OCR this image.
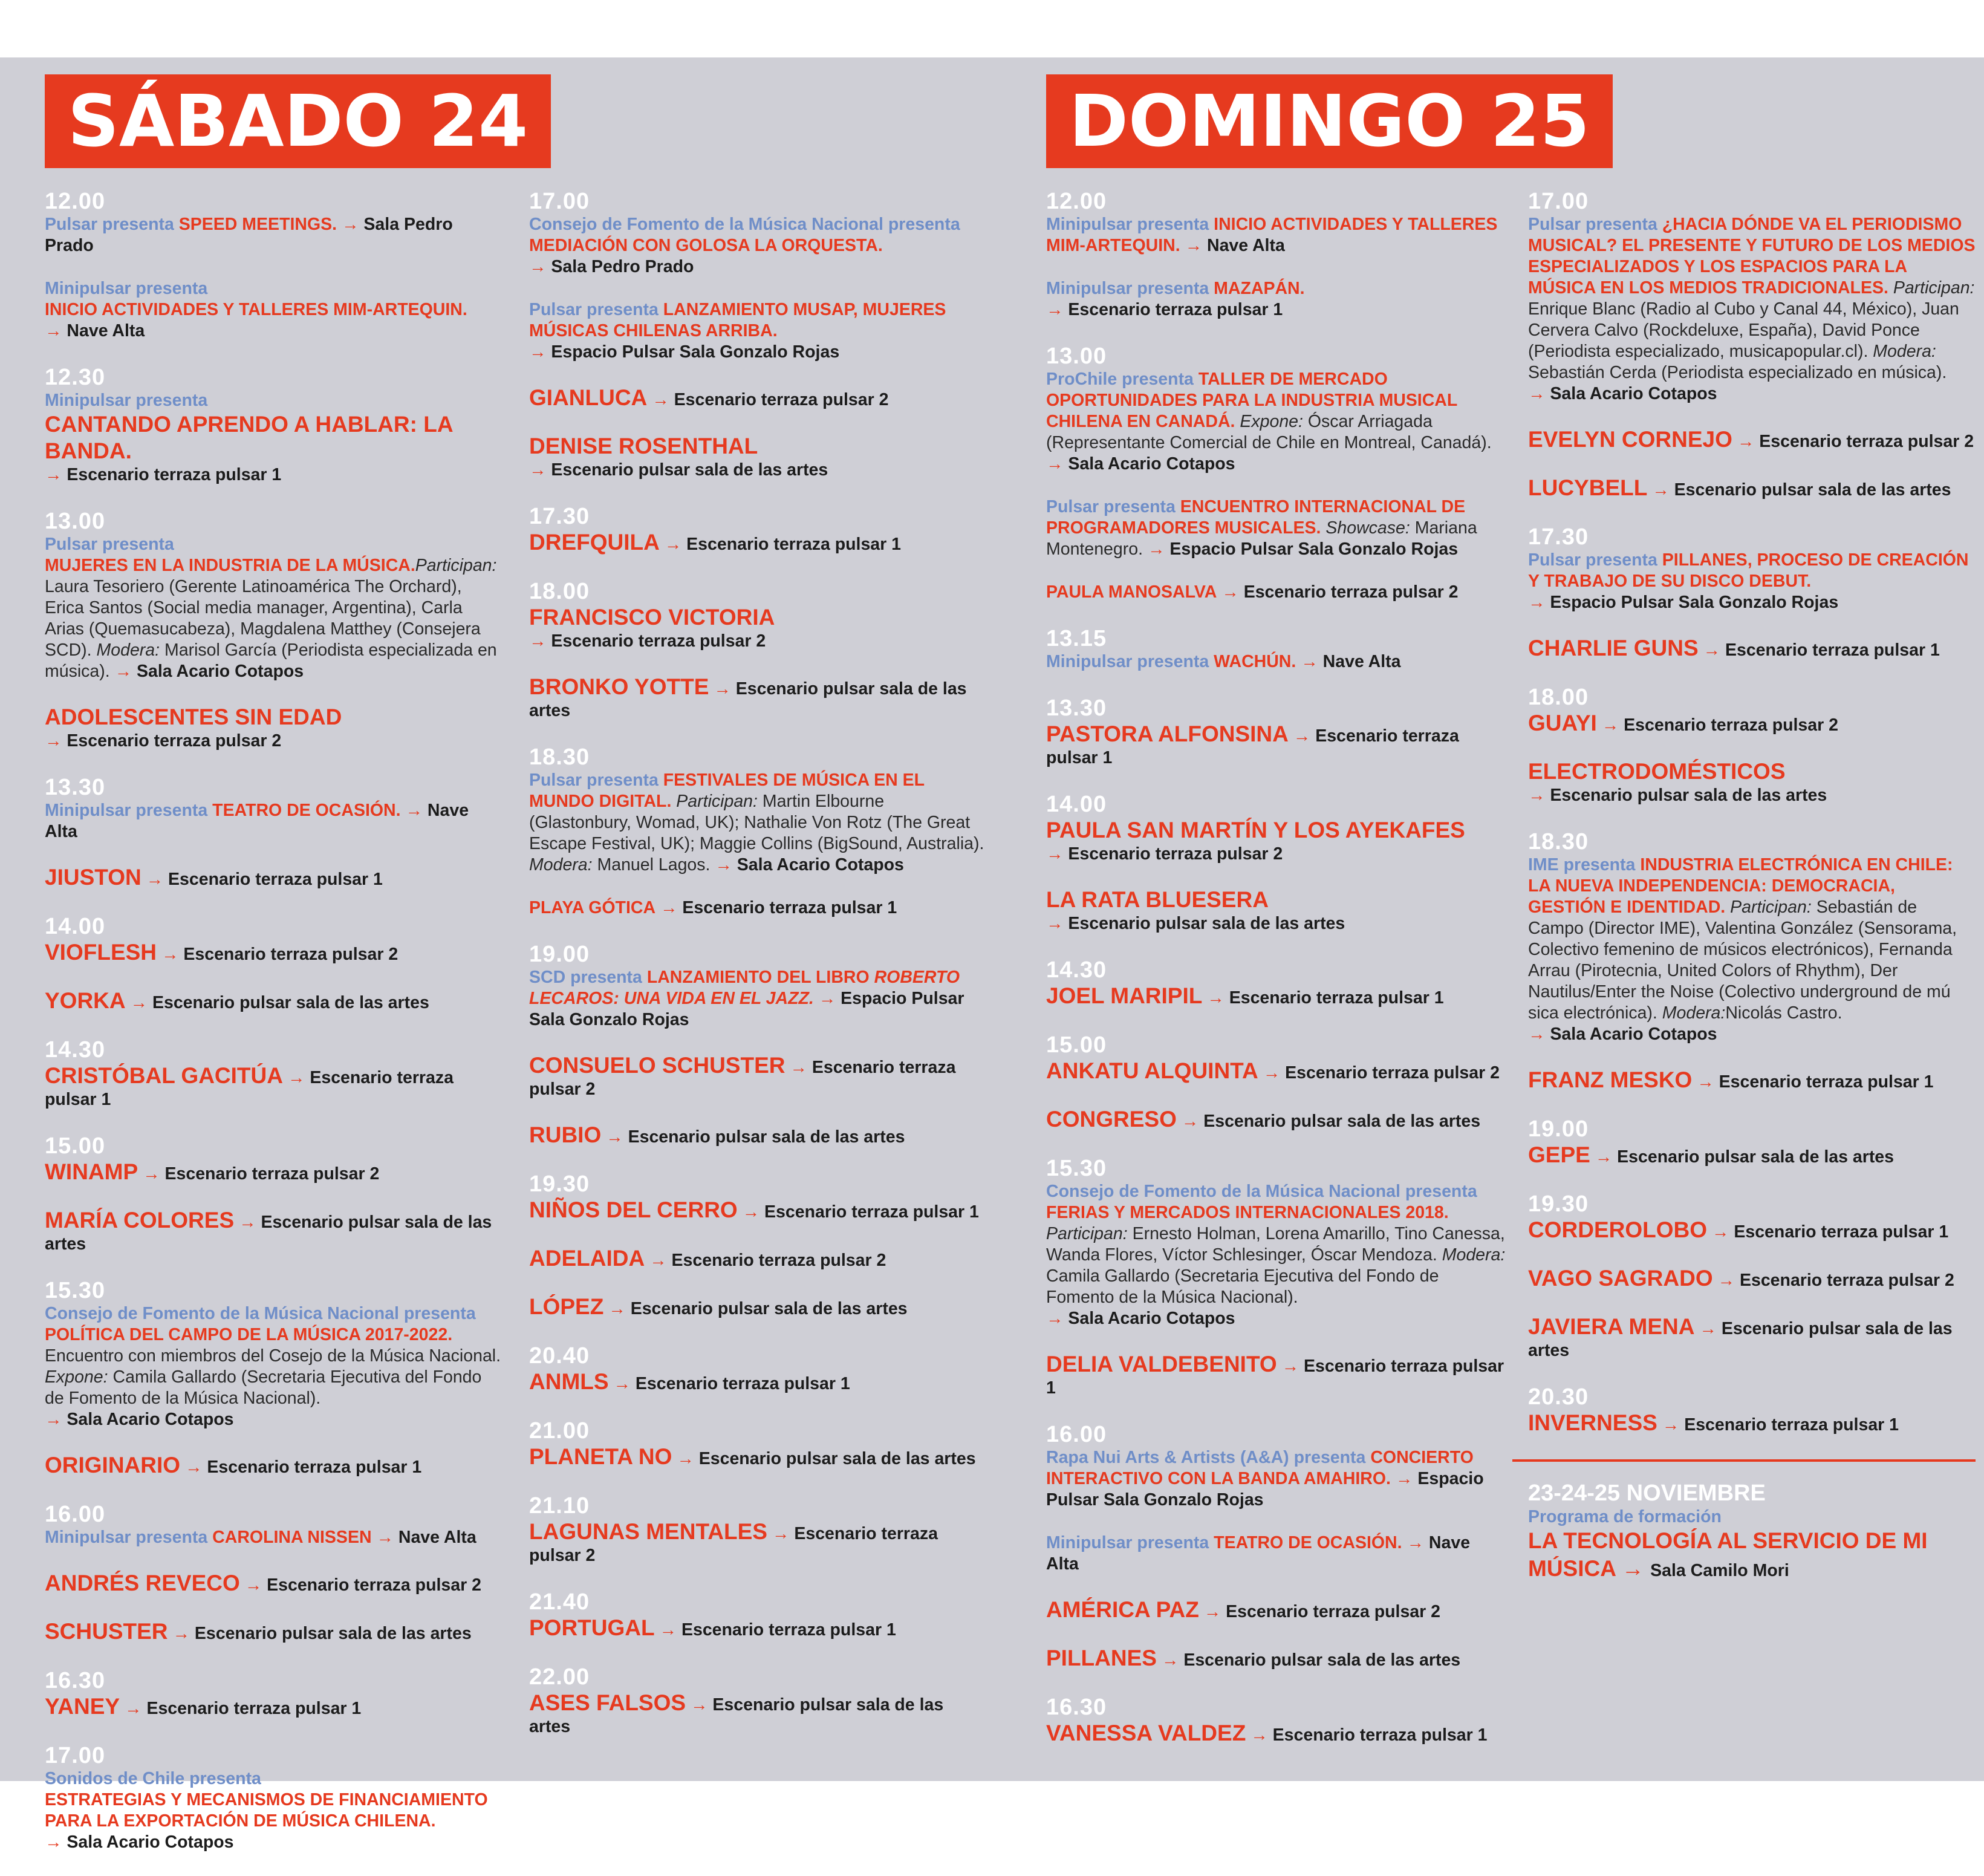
SÁBADO 24	DOMINGO 25
12.00
Pulsar presenta SPEED MEETINGS. → Sala Pedro Prado
Minipulsar presenta
INICIO ACTIVIDADES Y TALLERES MIM-ARTEQUIN.
→ Nave Alta
12.30
Minipulsar presenta
CANTANDO APRENDO A HABLAR: LA BANDA.
→ Escenario terraza pulsar 1
13.00
Pulsar presenta
MUJERES EN LA INDUSTRIA DE LA MÚSICA.Participan: Laura Tesoriero (Gerente Latinoamérica The Orchard), Erica Santos (Social media manager, Argentina), Carla Arias (Quemasucabeza), Magdalena Matthey (Consejera SCD). Modera: Marisol García (Periodista especializada en música). → Sala Acario Cotapos
ADOLESCENTES SIN EDAD
→ Escenario terraza pulsar 2
13.30
Minipulsar presenta TEATRO DE OCASIÓN. → Nave Alta
JIUSTON → Escenario terraza pulsar 1
14.00
VIOFLESH → Escenario terraza pulsar 2
YORKA → Escenario pulsar sala de las artes
14.30
CRISTÓBAL GACITÚA → Escenario terraza pulsar 1
15.00
WINAMP → Escenario terraza pulsar 2
MARÍA COLORES → Escenario pulsar sala de las artes
15.30
Consejo de Fomento de la Música Nacional presenta
POLÍTICA DEL CAMPO DE LA MÚSICA 2017-2022. Encuentro con miembros del Cosejo de la Música Nacional. Expone: Camila Gallardo (Secretaria Ejecutiva del Fondo de Fomento de la Música Nacional).
→ Sala Acario Cotapos
ORIGINARIO → Escenario terraza pulsar 1
16.00
Minipulsar presenta CAROLINA NISSEN → Nave Alta
ANDRÉS REVECO → Escenario terraza pulsar 2
SCHUSTER → Escenario pulsar sala de las artes
16.30
YANEY → Escenario terraza pulsar 1
17.00
Sonidos de Chile presenta
ESTRATEGIAS Y MECANISMOS DE FINANCIAMIENTO PARA LA EXPORTACIÓN DE MÚSICA CHILENA.
→ Sala Acario Cotapos
17.00
Consejo de Fomento de la Música Nacional presenta
MEDIACIÓN CON GOLOSA LA ORQUESTA.
→ Sala Pedro Prado
Pulsar presenta LANZAMIENTO MUSAP, MUJERES MÚSICAS CHILENAS ARRIBA.
→ Espacio Pulsar Sala Gonzalo Rojas
GIANLUCA → Escenario terraza pulsar 2
DENISE ROSENTHAL
→ Escenario pulsar sala de las artes
17.30
DREFQUILA → Escenario terraza pulsar 1
18.00
FRANCISCO VICTORIA
→ Escenario terraza pulsar 2
BRONKO YOTTE → Escenario pulsar sala de las artes
18.30
Pulsar presenta FESTIVALES DE MÚSICA EN EL MUNDO DIGITAL. Participan: Martin Elbourne (Glastonbury, Womad, UK); Nathalie Von Rotz (The Great Escape Festival, UK); Maggie Collins (BigSound, Australia). Modera: Manuel Lagos. → Sala Acario Cotapos
PLAYA GÓTICA → Escenario terraza pulsar 1
19.00
SCD presenta LANZAMIENTO DEL LIBRO ROBERTO LECAROS: UNA VIDA EN EL JAZZ. → Espacio Pulsar Sala Gonzalo Rojas
CONSUELO SCHUSTER → Escenario terraza pulsar 2
RUBIO → Escenario pulsar sala de las artes
19.30
NIÑOS DEL CERRO → Escenario terraza pulsar 1
ADELAIDA → Escenario terraza pulsar 2
LÓPEZ → Escenario pulsar sala de las artes
20.40
ANMLS → Escenario terraza pulsar 1
21.00
PLANETA NO → Escenario pulsar sala de las artes
21.10
LAGUNAS MENTALES → Escenario terraza pulsar 2
21.40
PORTUGAL → Escenario terraza pulsar 1
22.00
ASES FALSOS → Escenario pulsar sala de las artes
12.00
Minipulsar presenta INICIO ACTIVIDADES Y TALLERES MIM-ARTEQUIN. → Nave Alta
Minipulsar presenta MAZAPÁN.
→ Escenario terraza pulsar 1
13.00
ProChile presenta TALLER DE MERCADO OPORTUNIDADES PARA LA INDUSTRIA MUSICAL CHILENA EN CANADÁ. Expone: Óscar Arriagada (Representante Comercial de Chile en Montreal, Canadá). → Sala Acario Cotapos
Pulsar presenta ENCUENTRO INTERNACIONAL DE PROGRAMADORES MUSICALES. Showcase: Mariana Montenegro. → Espacio Pulsar Sala Gonzalo Rojas
PAULA MANOSALVA → Escenario terraza pulsar 2
13.15
Minipulsar presenta WACHÚN. → Nave Alta
13.30
PASTORA ALFONSINA → Escenario terraza pulsar 1
14.00
PAULA SAN MARTÍN Y LOS AYEKAFES
→ Escenario terraza pulsar 2
LA RATA BLUESERA
→ Escenario pulsar sala de las artes
14.30
JOEL MARIPIL → Escenario terraza pulsar 1
15.00
ANKATU ALQUINTA → Escenario terraza pulsar 2
CONGRESO → Escenario pulsar sala de las artes
15.30
Consejo de Fomento de la Música Nacional presenta
FERIAS Y MERCADOS INTERNACIONALES 2018.
Participan: Ernesto Holman, Lorena Amarillo, Tino Canessa, Wanda Flores, Víctor Schlesinger, Óscar Mendoza. Modera: Camila Gallardo (Secretaria Ejecutiva del Fondo de Fomento de la Música Nacional).
→ Sala Acario Cotapos
DELIA VALDEBENITO → Escenario terraza pulsar 1
16.00
Rapa Nui Arts & Artists (A&A) presenta CONCIERTO INTERACTIVO CON LA BANDA AMAHIRO. → Espacio Pulsar Sala Gonzalo Rojas
Minipulsar presenta TEATRO DE OCASIÓN. → Nave Alta
AMÉRICA PAZ → Escenario terraza pulsar 2
PILLANES → Escenario pulsar sala de las artes
16.30
VANESSA VALDEZ → Escenario terraza pulsar 1
17.00
Pulsar presenta ¿HACIA DÓNDE VA EL PERIODISMO MUSICAL? EL PRESENTE Y FUTURO DE LOS MEDIOS ESPECIALIZADOS Y LOS ESPACIOS PARA LA MÚSICA EN LOS MEDIOS TRADICIONALES. Participan: Enrique Blanc (Radio al Cubo y Canal 44, México), Juan Cervera Calvo (Rockdeluxe, España), David Ponce (Periodista especializado, musicapopular.cl). Modera: Sebastián Cerda (Periodista especializado en música).
→ Sala Acario Cotapos
EVELYN CORNEJO → Escenario terraza pulsar 2
LUCYBELL → Escenario pulsar sala de las artes
17.30
Pulsar presenta PILLANES, PROCESO DE CREACIÓN Y TRABAJO DE SU DISCO DEBUT.
→ Espacio Pulsar Sala Gonzalo Rojas
CHARLIE GUNS → Escenario terraza pulsar 1
18.00
GUAYI → Escenario terraza pulsar 2
ELECTRODOMÉSTICOS
→ Escenario pulsar sala de las artes
18.30
IME presenta INDUSTRIA ELECTRÓNICA EN CHILE: LA NUEVA INDEPENDENCIA: DEMOCRACIA, GESTIÓN E IDENTIDAD. Participan: Sebastián de Campo (Director IME), Valentina González (Sensorama, Colectivo femenino de músicos electrónicos), Fernanda Arrau (Pirotecnia, United Colors of Rhythm), Der Nautilus/Enter the Noise (Colectivo underground de mú sica electrónica). Modera:Nicolás Castro.
→ Sala Acario Cotapos
FRANZ MESKO → Escenario terraza pulsar 1
19.00
GEPE → Escenario pulsar sala de las artes
19.30
CORDEROLOBO → Escenario terraza pulsar 1
VAGO SAGRADO → Escenario terraza pulsar 2
JAVIERA MENA → Escenario pulsar sala de las artes
20.30
INVERNESS → Escenario terraza pulsar 1
23-24-25 NOVIEMBRE
Programa de formación
LA TECNOLOGÍA AL SERVICIO DE MI MÚSICA → Sala Camilo Mori
